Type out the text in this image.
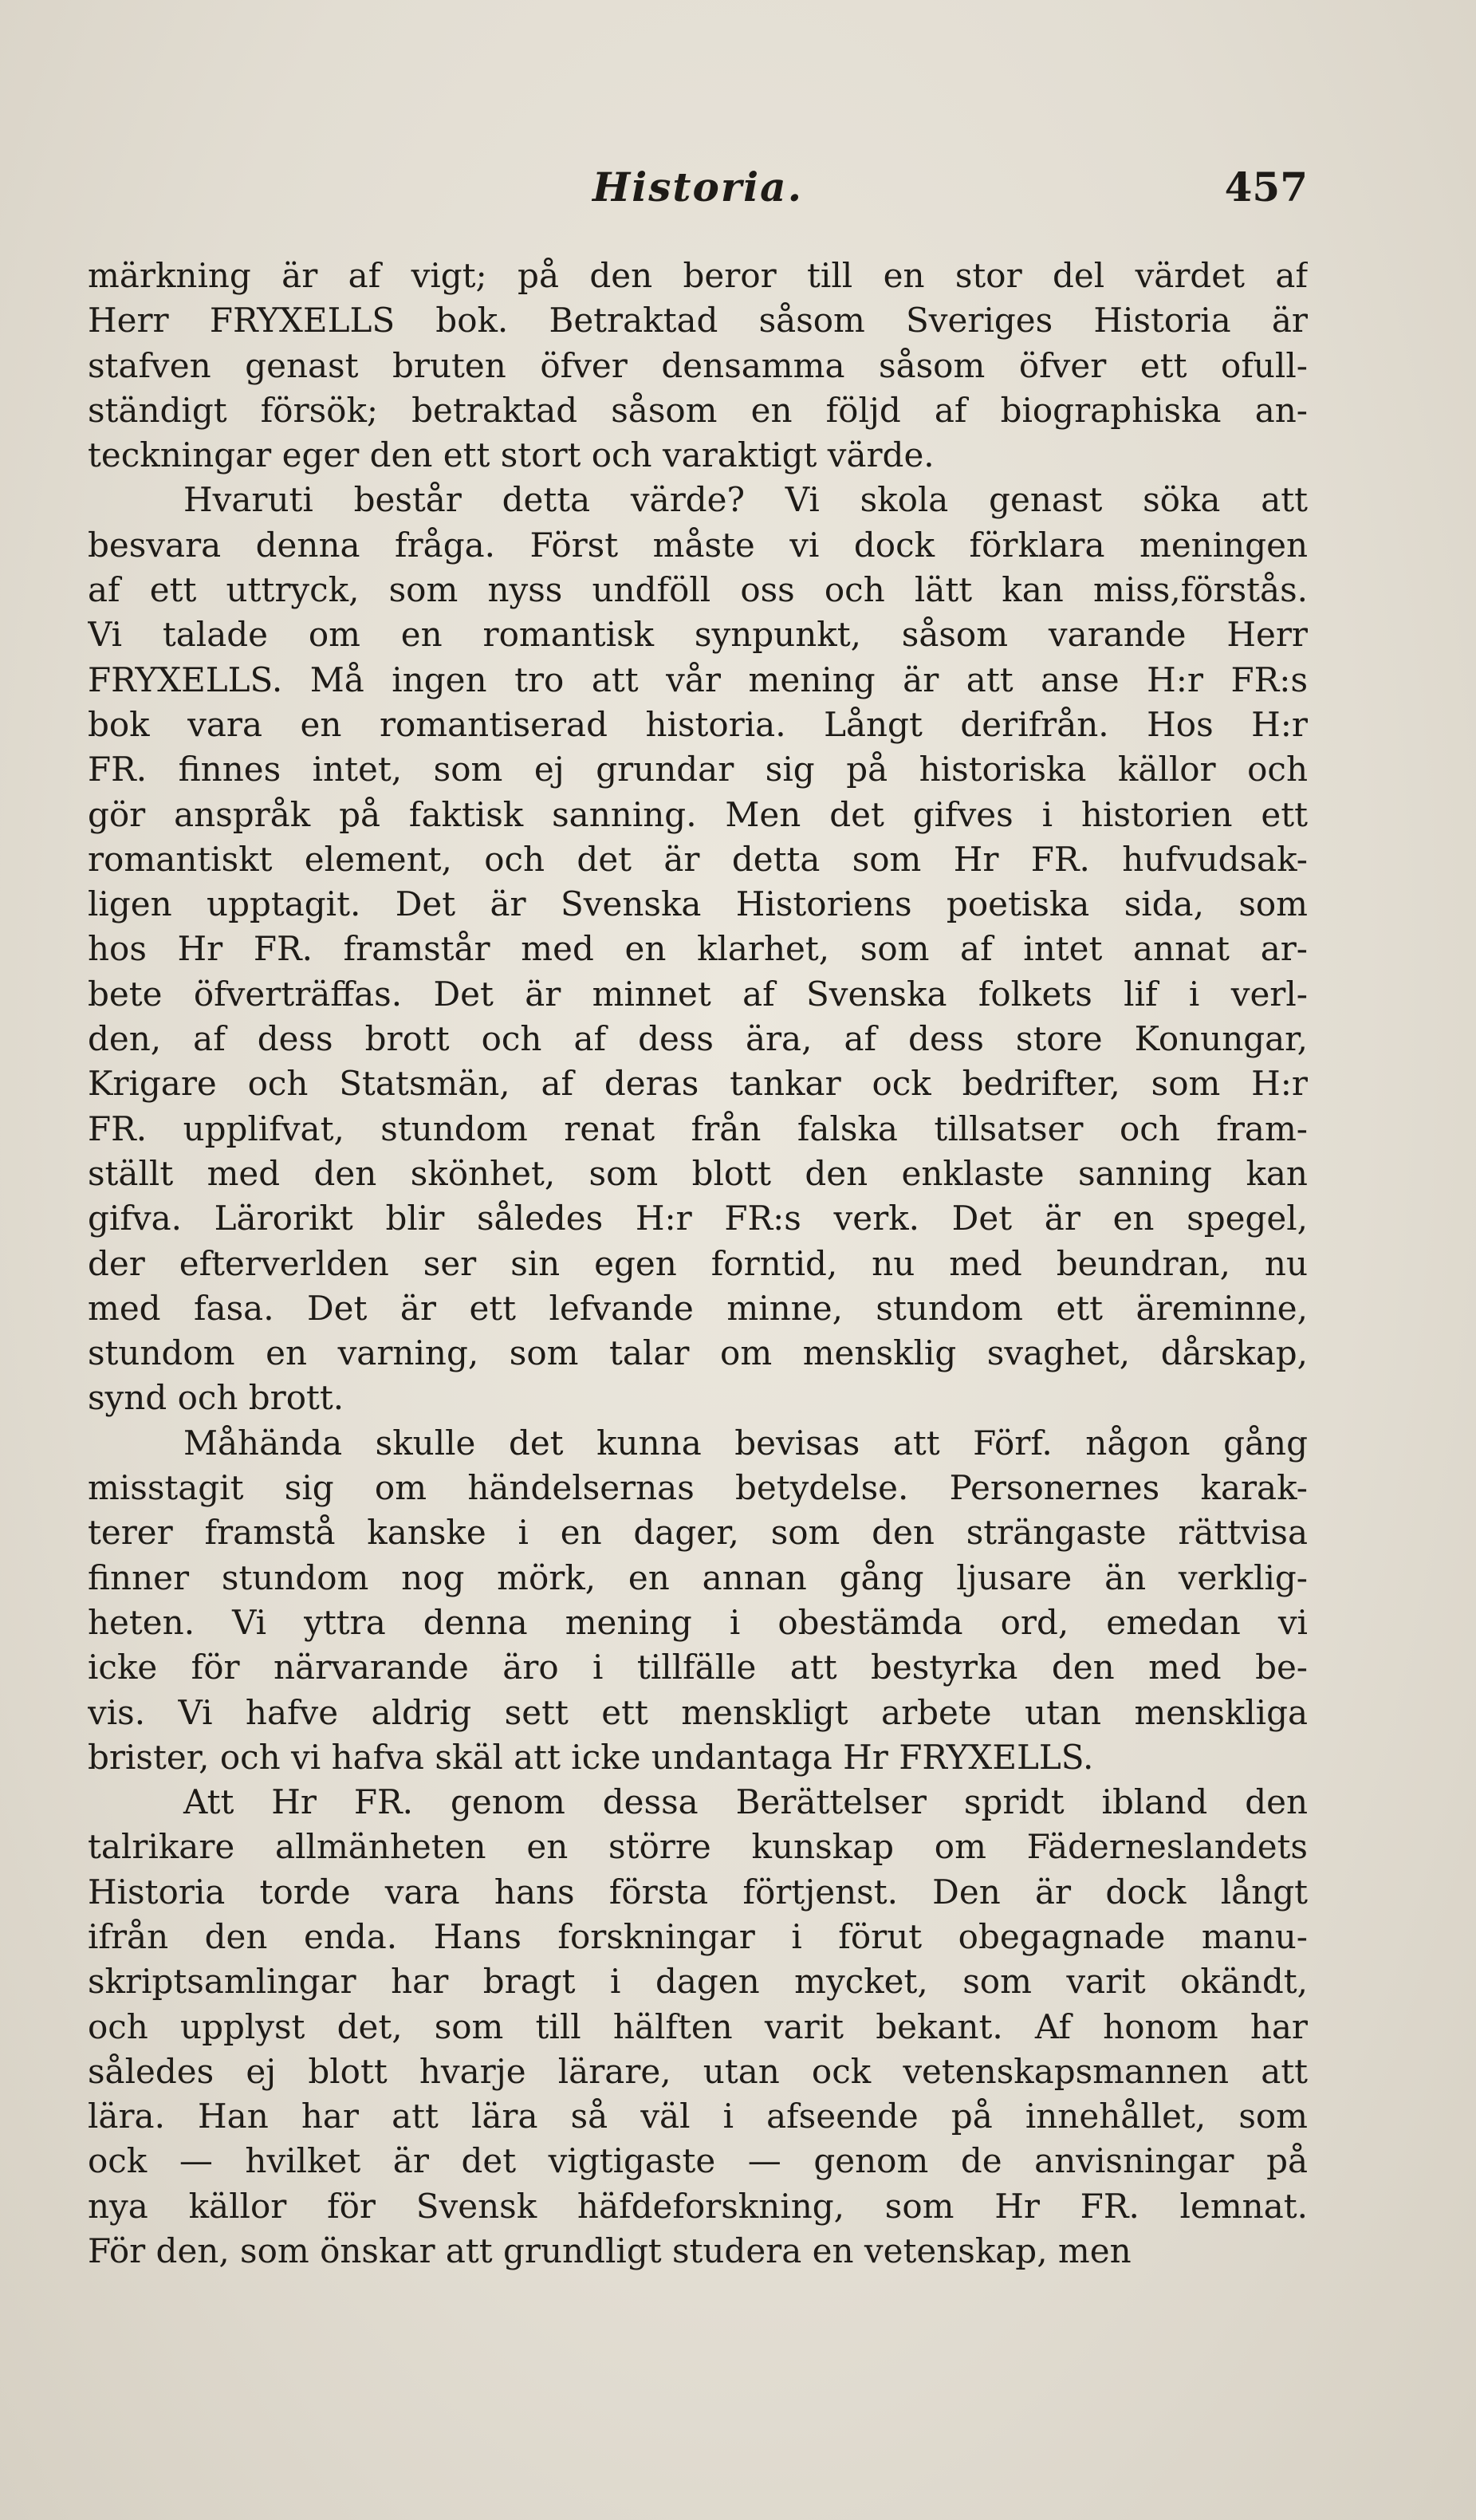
Historia.	457
märkning är af vigt; på den beror till en stor del värdet af
Herr FRYXELLS bok. Betraktad såsom Sveriges Historia är
stafven genast bruten öfver densamma såsom öfver ett ofull-
ständigt försök; betraktad såsom en följd af biographiska an-
teckningar eger den ett stort och varaktigt värde.
Hvaruti består detta värde? Vi skola genast söka att
besvara denna fråga. Först måste vi dock förklara meningen
af ett uttryck, som nyss undföll oss och lätt kan miss,förstås.
Vi talade om en romantisk synpunkt, såsom varande Herr
FRYXELLS. Må ingen tro att vår mening är att anse H:r FR:s
bok vara en romantiserad historia. Långt derifrån. Hos H:r
FR. finnes intet, som ej grundar sig på historiska källor och
gör anspråk på faktisk sanning. Men det gifves i historien ett
romantiskt element, och det är detta som Hr FR. hufvudsak-
ligen upptagit. Det är Svenska Historiens poetiska sida, som
hos Hr FR. framstår med en klarhet, som af intet annat ar-
bete öfverträffas. Det är minnet af Svenska folkets lif i verl-
den, af dess brott och af dess ära, af dess store Konungar,
Krigare och Statsmän, af deras tankar ock bedrifter, som H:r
FR. upplifvat, stundom renat från falska tillsatser och fram-
ställt med den skönhet, som blott den enklaste sanning kan
gifva. Lärorikt blir således H:r FR:s verk. Det är en spegel,
der efterverlden ser sin egen forntid, nu med beundran, nu
med fasa. Det är ett lefvande minne, stundom ett äreminne,
stundom en varning, som talar om mensklig svaghet, dårskap,
synd och brott.
Måhända skulle det kunna bevisas att Förf. någon gång
misstagit sig om händelsernas betydelse. Personernes karak-
terer framstå kanske i en dager, som den strängaste rättvisa
finner stundom nog mörk, en annan gång ljusare än verklig-
heten. Vi yttra denna mening i obestämda ord, emedan vi
icke för närvarande äro i tillfälle att bestyrka den med be-
vis. Vi hafve aldrig sett ett menskligt arbete utan menskliga
brister, och vi hafva skäl att icke undantaga Hr FRYXELLS.
Att Hr FR. genom dessa Berättelser spridt ibland den
talrikare allmänheten en större kunskap om Fäderneslandets
Historia torde vara hans första förtjenst. Den är dock långt
ifrån den enda. Hans forskningar i förut obegagnade manu-
skriptsamlingar har bragt i dagen mycket, som varit okändt,
och upplyst det, som till hälften varit bekant. Af honom har
således ej blott hvarje lärare, utan ock vetenskapsmannen att
lära. Han har att lära så väl i afseende på innehållet, som
ock — hvilket är det vigtigaste — genom de anvisningar på
nya källor för Svensk häfdeforskning, som Hr FR. lemnat.
För den, som önskar att grundligt studera en vetenskap, men
